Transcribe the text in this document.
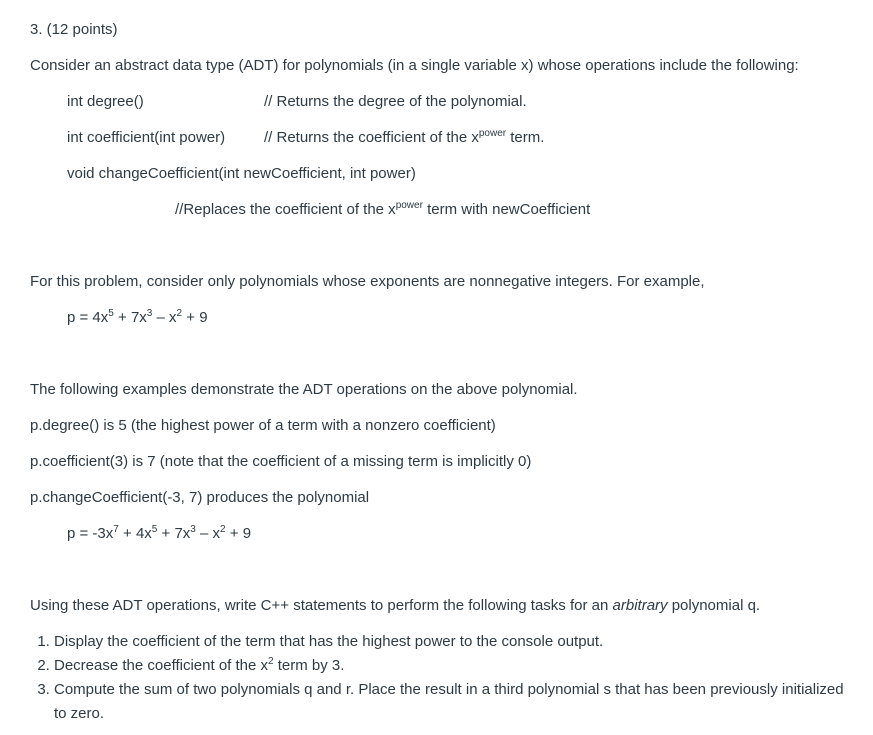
3. (12 points)
Consider an abstract data type (ADT) for polynomials (in a single variable x) whose operations include the following:
int degree()	// Returns the degree of the polynomial.
int coefficient(int power)	// Returns the coefficient of the $x^{power}$ term.
void changeCoefficient(int newCoefficient, int power)
//Replaces the coefficient of the $x^{power}$ term with newCoefficient
For this problem, consider only polynomials whose exponents are nonnegative integers. For example,
$p = 4x^5 + 7x^3 - x^2 + 9$
The following examples demonstrate the ADT operations on the above polynomial.
p.degree() is 5 (the highest power of a term with a nonzero coefficient)
p.coefficient(3) is 7 (note that the coefficient of a missing term is implicitly 0)
p.changeCoefficient(-3, 7) produces the polynomial
$p = -3x^7 + 4x^5 + 7x^3 - x^2 + 9$
Using these ADT operations, write C++ statements to perform the following tasks for an arbitrary polynomial q.
1. Display the coefficient of the term that has the highest power to the console output.
2. Decrease the coefficient of the $x^2$ term by 3.
3. Compute the sum of two polynomials q and r. Place the result in a third polynomial s that has been previously initialized to zero.
